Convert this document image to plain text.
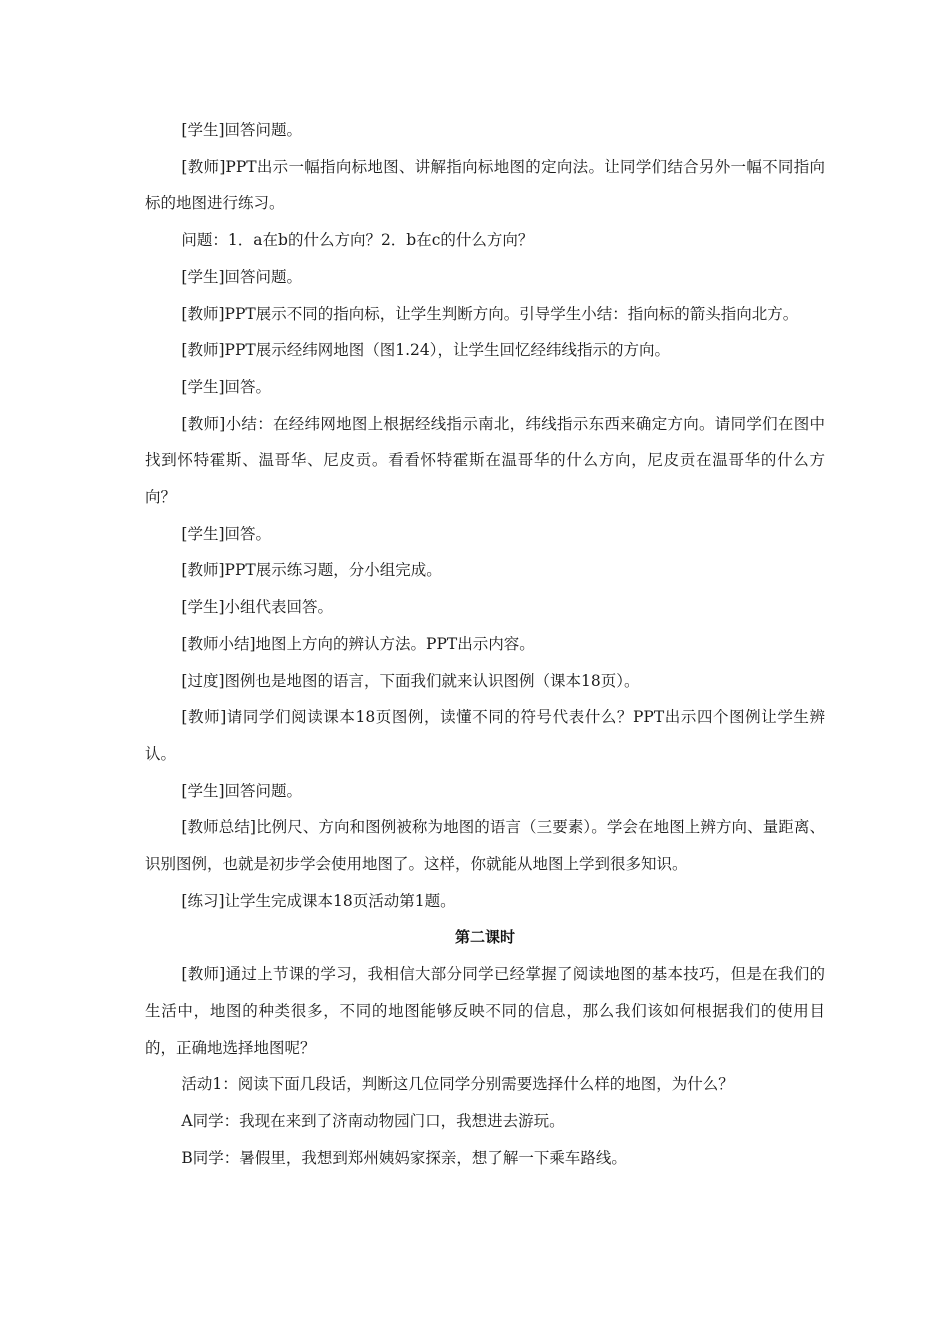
[学生]回答问题。

[教师]PPT出示一幅指向标地图、讲解指向标地图的定向法。让同学们结合另外一幅不同指向标的地图进行练习。

问题：1．a在b的什么方向？2．b在c的什么方向？

[学生]回答问题。

[教师]PPT展示不同的指向标，让学生判断方向。引导学生小结：指向标的箭头指向北方。

[教师]PPT展示经纬网地图（图1.24），让学生回忆经纬线指示的方向。

[学生]回答。

[教师]小结：在经纬网地图上根据经线指示南北，纬线指示东西来确定方向。请同学们在图中找到怀特霍斯、温哥华、尼皮贡。看看怀特霍斯在温哥华的什么方向，尼皮贡在温哥华的什么方向？

[学生]回答。

[教师]PPT展示练习题，分小组完成。

[学生]小组代表回答。

[教师小结]地图上方向的辨认方法。PPT出示内容。

[过度]图例也是地图的语言，下面我们就来认识图例（课本18页）。

[教师]请同学们阅读课本18页图例，读懂不同的符号代表什么？PPT出示四个图例让学生辨认。

[学生]回答问题。

[教师总结]比例尺、方向和图例被称为地图的语言（三要素）。学会在地图上辨方向、量距离、识别图例，也就是初步学会使用地图了。这样，你就能从地图上学到很多知识。

[练习]让学生完成课本18页活动第1题。

第二课时

[教师]通过上节课的学习，我相信大部分同学已经掌握了阅读地图的基本技巧，但是在我们的生活中，地图的种类很多，不同的地图能够反映不同的信息，那么我们该如何根据我们的使用目的，正确地选择地图呢？

活动1：阅读下面几段话，判断这几位同学分别需要选择什么样的地图，为什么？

A同学：我现在来到了济南动物园门口，我想进去游玩。

B同学：暑假里，我想到郑州姨妈家探亲，想了解一下乘车路线。
